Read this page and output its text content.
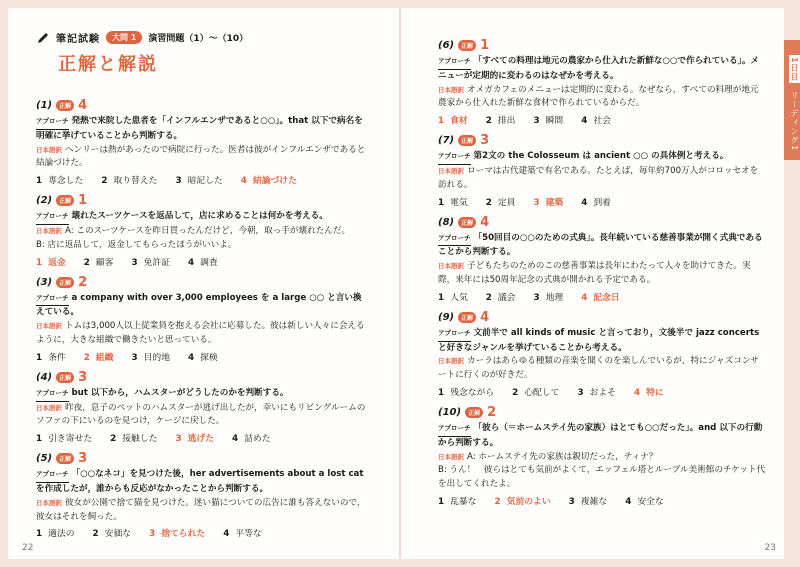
筆記試験	大問 1	演習問題（1）～（10）
正解と解説	1日目 リーディング1
(1)	正解 4
アプローチ 発熱で来院した患者を「インフルエンザであると○○」。that 以下で病名を明確に挙げていることから判断する。
日本語訳 ヘンリーは熱があったので病院に行った。医者は彼がインフルエンザであると結論づけた。
1 専念した 2 取り替えた 3 暗記した 4 結論づけた
(2)	正解 1
アプローチ 壊れたスーツケースを返品して，店に求めることは何かを考える。
日本語訳 A: このスーツケースを昨日買ったんだけど，今朝，取っ手が壊れたんだ。
B: 店に返品して，返金してもらったほうがいいよ。
1 返金 2 顧客 3 免許証 4 調査
(3)	正解 2
アプローチ a company with over 3,000 employees を a large ○○ と言い換えている。
日本語訳 トムは3,000人以上従業員を抱える会社に応募した。彼は新しい人々に会えるように，大きな組織で働きたいと思っている。
1 条件 2 組織 3 目的地 4 探検
(4)	正解 3
アプローチ but 以下から，ハムスターがどうしたのかを判断する。
日本語訳 昨夜，息子のペットのハムスターが逃げ出したが，幸いにもリビングルームのソファの下にいるのを見つけ，ケージに戻した。
1 引き寄せた 2 接触した 3 逃げた 4 詰めた
(5)	正解 3
アプローチ 「○○なネコ」を見つけた後，her advertisements about a lost cat を作成したが，誰からも反応がなかったことから判断する。
日本語訳 彼女が公園で捨て猫を見つけた。迷い猫についての広告に誰も答えないので，彼女はそれを飼った。
1 適法の 2 安価な 3 捨てられた 4 平等な
(6)	正解 1
アプローチ 「すべての料理は地元の農家から仕入れた新鮮な○○で作られている」。メニューが定期的に変わるのはなぜかを考える。
日本語訳 オメガカフェのメニューは定期的に変わる。なぜなら，すべての料理が地元農家から仕入れた新鮮な食材で作られているからだ。
1 食材 2 排出 3 瞬間 4 社会
(7)	正解 3
アプローチ 第2文の the Colosseum は ancient ○○ の具体例と考える。
日本語訳 ローマは古代建築で有名である。たとえば，毎年約700万人がコロッセオを訪れる。
1 電気 2 定員 3 建築 4 到着
(8)	正解 4
アプローチ 「50回目の○○のための式典」。長年続いている慈善事業が開く式典であることから判断する。
日本語訳 子どもたちのためのこの慈善事業は長年にわたって人々を助けてきた。実際，来年には50周年記念の式典が開かれる予定である。
1 人気 2 議会 3 地理 4 記念日
(9)	正解 4
アプローチ 文前半で all kinds of music と言っており，文後半で jazz concerts と好きなジャンルを挙げていることから考える。
日本語訳 カーラはあらゆる種類の音楽を聞くのを楽しんでいるが，特にジャズコンサートに行くのが好きだ。
1 残念ながら 2 心配して 3 およそ 4 特に
(10)	正解 2
アプローチ 「彼ら（＝ホームステイ先の家族）はとても○○だった」。and 以下の行動から判断する。
日本語訳 A: ホームステイ先の家族は親切だった，ティナ？
B: うん！　彼らはとても気前がよくて，エッフェル塔とルーブル美術館のチケット代を出してくれたよ。
1 乱暴な 2 気前のよい 3 複雑な 4 安全な
22	23
